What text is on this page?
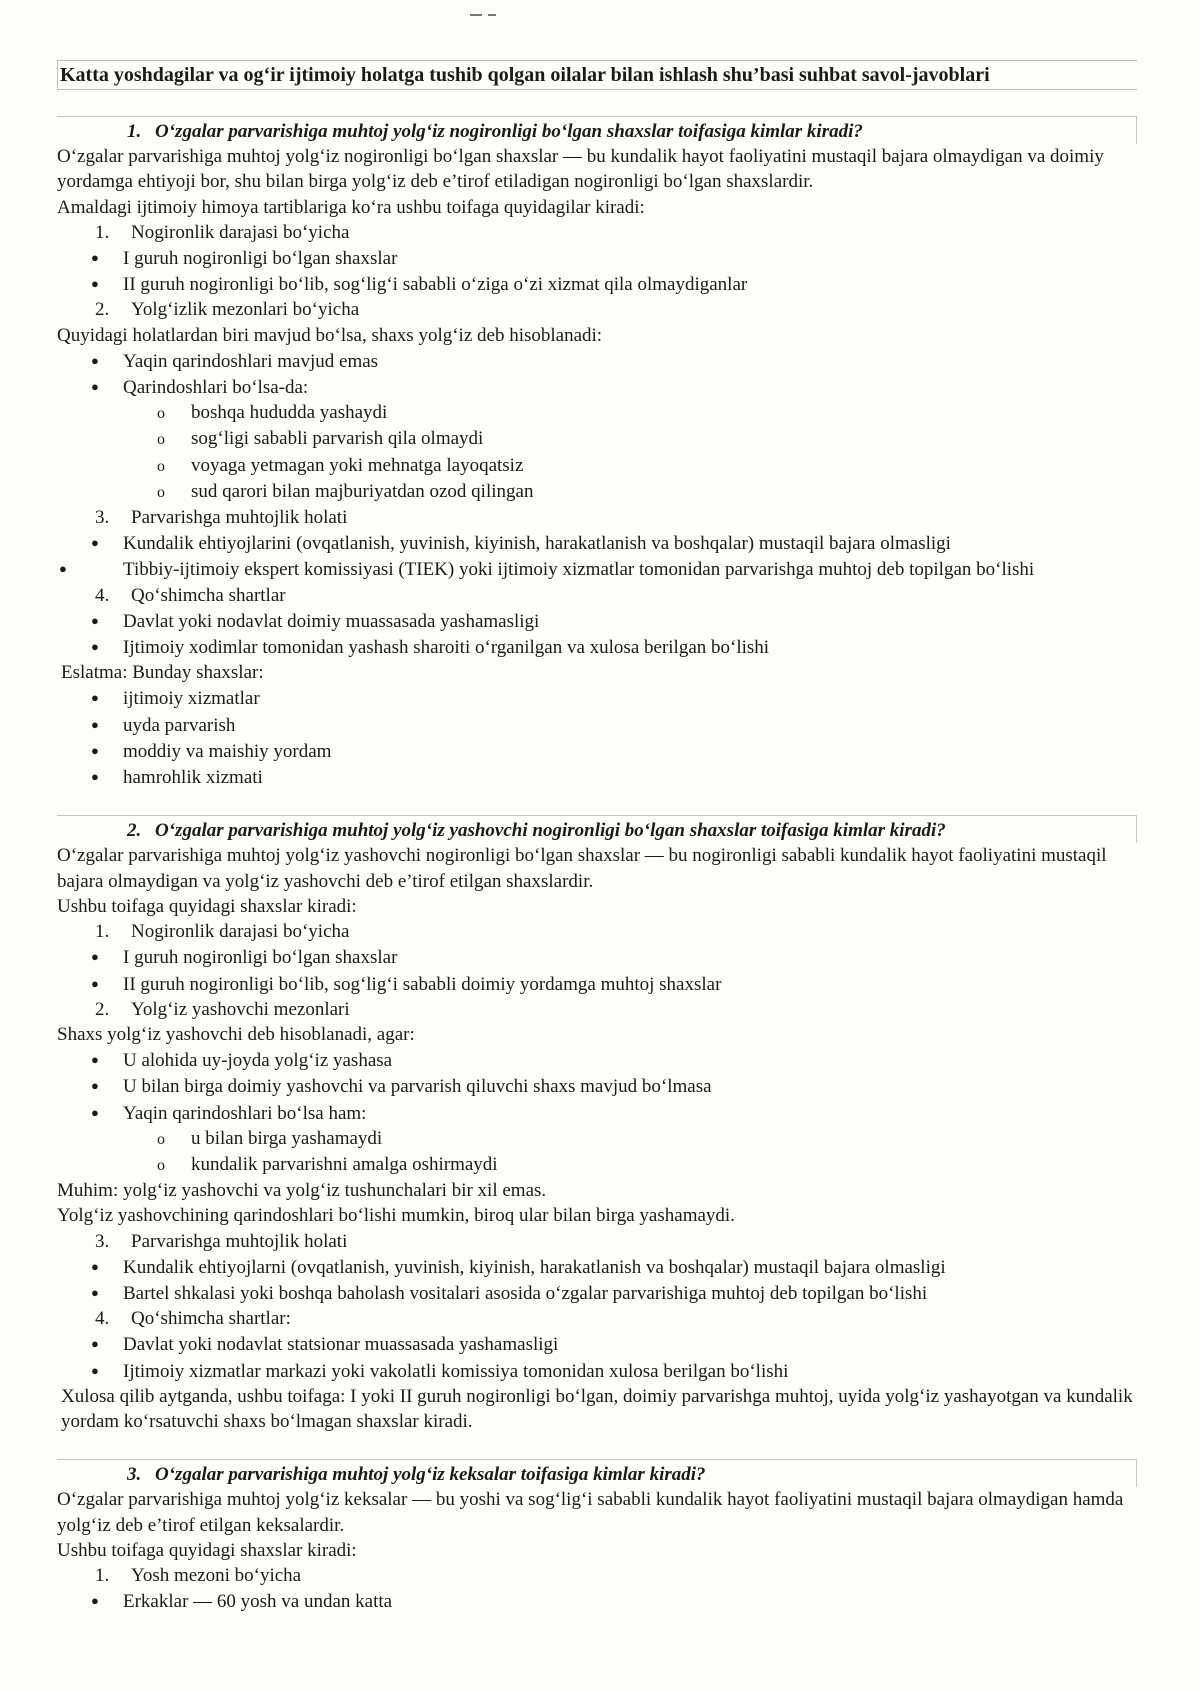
Katta yoshdagilar va og‘ir ijtimoiy holatga tushib qolgan oilalar bilan ishlash shu’basi suhbat savol-javoblari
1. O‘zgalar parvarishiga muhtoj yolg‘iz nogironligi bo‘lgan shaxslar toifasiga kimlar kiradi?

O‘zgalar parvarishiga muhtoj yolg‘iz nogironligi bo‘lgan shaxslar — bu kundalik hayot faoliyatini mustaqil bajara olmaydigan va doimiy yordamga ehtiyoji bor, shu bilan birga yolg‘iz deb e’tirof etiladigan nogironligi bo‘lgan shaxslardir.

Amaldagi ijtimoiy himoya tartiblariga ko‘ra ushbu toifaga quyidagilar kiradi:

1. Nogironlik darajasi bo‘yicha

● I guruh nogironligi bo‘lgan shaxslar

● II guruh nogironligi bo‘lib, sog‘lig‘i sababli o‘ziga o‘zi xizmat qila olmaydiganlar

2. Yolg‘izlik mezonlari bo‘yicha

Quyidagi holatlardan biri mavjud bo‘lsa, shaxs yolg‘iz deb hisoblanadi:

● Yaqin qarindoshlari mavjud emas

● Qarindoshlari bo‘lsa-da:

o boshqa hududda yashaydi

o sog‘ligi sababli parvarish qila olmaydi

o voyaga yetmagan yoki mehnatga layoqatsiz

o sud qarori bilan majburiyatdan ozod qilingan

3. Parvarishga muhtojlik holati

● Kundalik ehtiyojlarini (ovqatlanish, yuvinish, kiyinish, harakatlanish va boshqalar) mustaqil bajara olmasligi

●	Tibbiy-ijtimoiy ekspert komissiyasi (TIEK) yoki ijtimoiy xizmatlar tomonidan parvarishga muhtoj deb topilgan bo‘lishi

4. Qo‘shimcha shartlar

● Davlat yoki nodavlat doimiy muassasada yashamasligi

● Ijtimoiy xodimlar tomonidan yashash sharoiti o‘rganilgan va xulosa berilgan bo‘lishi

Eslatma: Bunday shaxslar:

● ijtimoiy xizmatlar

● uyda parvarish

● moddiy va maishiy yordam

● hamrohlik xizmati

2. O‘zgalar parvarishiga muhtoj yolg‘iz yashovchi nogironligi bo‘lgan shaxslar toifasiga kimlar kiradi?

O‘zgalar parvarishiga muhtoj yolg‘iz yashovchi nogironligi bo‘lgan shaxslar — bu nogironligi sababli kundalik hayot faoliyatini mustaqil bajara olmaydigan va yolg‘iz yashovchi deb e’tirof etilgan shaxslardir.

Ushbu toifaga quyidagi shaxslar kiradi:

1. Nogironlik darajasi bo‘yicha

● I guruh nogironligi bo‘lgan shaxslar

● II guruh nogironligi bo‘lib, sog‘lig‘i sababli doimiy yordamga muhtoj shaxslar

2. Yolg‘iz yashovchi mezonlari

Shaxs yolg‘iz yashovchi deb hisoblanadi, agar:

● U alohida uy-joyda yolg‘iz yashasa

● U bilan birga doimiy yashovchi va parvarish qiluvchi shaxs mavjud bo‘lmasa

● Yaqin qarindoshlari bo‘lsa ham:

o u bilan birga yashamaydi

o kundalik parvarishni amalga oshirmaydi

Muhim: yolg‘iz yashovchi va yolg‘iz tushunchalari bir xil emas.

Yolg‘iz yashovchining qarindoshlari bo‘lishi mumkin, biroq ular bilan birga yashamaydi.

3. Parvarishga muhtojlik holati

● Kundalik ehtiyojlarni (ovqatlanish, yuvinish, kiyinish, harakatlanish va boshqalar) mustaqil bajara olmasligi

● Bartel shkalasi yoki boshqa baholash vositalari asosida o‘zgalar parvarishiga muhtoj deb topilgan bo‘lishi

4. Qo‘shimcha shartlar:

● Davlat yoki nodavlat statsionar muassasada yashamasligi

● Ijtimoiy xizmatlar markazi yoki vakolatli komissiya tomonidan xulosa berilgan bo‘lishi

Xulosa qilib aytganda, ushbu toifaga: I yoki II guruh nogironligi bo‘lgan, doimiy parvarishga muhtoj, uyida yolg‘iz yashayotgan va kundalik yordam ko‘rsatuvchi shaxs bo‘lmagan shaxslar kiradi.

3. O‘zgalar parvarishiga muhtoj yolg‘iz keksalar toifasiga kimlar kiradi?

O‘zgalar parvarishiga muhtoj yolg‘iz keksalar — bu yoshi va sog‘lig‘i sababli kundalik hayot faoliyatini mustaqil bajara olmaydigan hamda yolg‘iz deb e’tirof etilgan keksalardir.

Ushbu toifaga quyidagi shaxslar kiradi:

1. Yosh mezoni bo‘yicha

● Erkaklar — 60 yosh va undan katta
